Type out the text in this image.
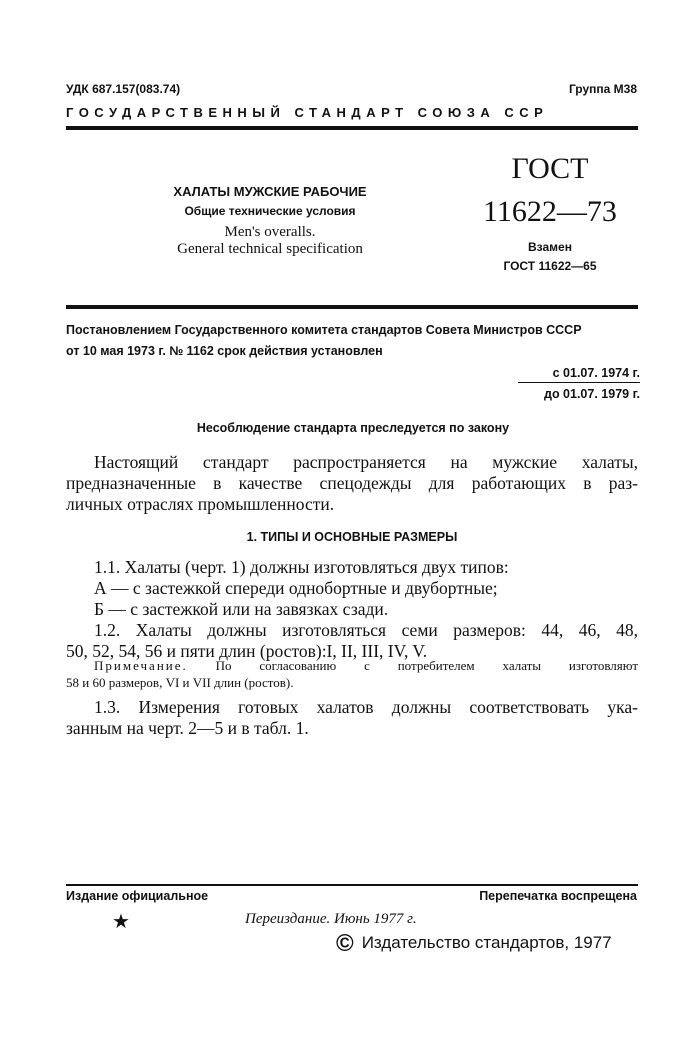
УДК 687.157(083.74)	Группа М38
ГОСУДАРСТВЕННЫЙ СТАНДАРТ СОЮЗА ССР
ХАЛАТЫ МУЖСКИЕ РАБОЧИЕ
Общие технические условия
Men's overalls.
General technical specification
ГОСТ
11622—73
Взамен
ГОСТ 11622—65
Постановлением Государственного комитета стандартов Совета Министров СССР
от 10 мая 1973 г. № 1162 срок действия установлен
с 01.07. 1974 г.
до 01.07. 1979 г.
Несоблюдение стандарта преследуется по закону
Настоящий стандарт распространяется на мужские халаты,
предназначенные в качестве спецодежды для работающих в раз-
личных отраслях промышленности.
1. ТИПЫ И ОСНОВНЫЕ РАЗМЕРЫ
1.1. Халаты (черт. 1) должны изготовляться двух типов:
А — с застежкой спереди однобортные и двубортные;
Б — с застежкой или на завязках сзади.
1.2. Халаты должны изготовляться семи размеров: 44, 46, 48,
50, 52, 54, 56 и пяти длин (ростов):I, II, III, IV, V.
Примечание. По согласованию с потребителем халаты изготовляют
58 и 60 размеров, VI и VII длин (ростов).
1.3. Измерения готовых халатов должны соответствовать ука-
занным на черт. 2—5 и в табл. 1.
Издание официальное	Перепечатка воспрещена
★	Переиздание. Июнь 1977 г.
© Издательство стандартов, 1977
